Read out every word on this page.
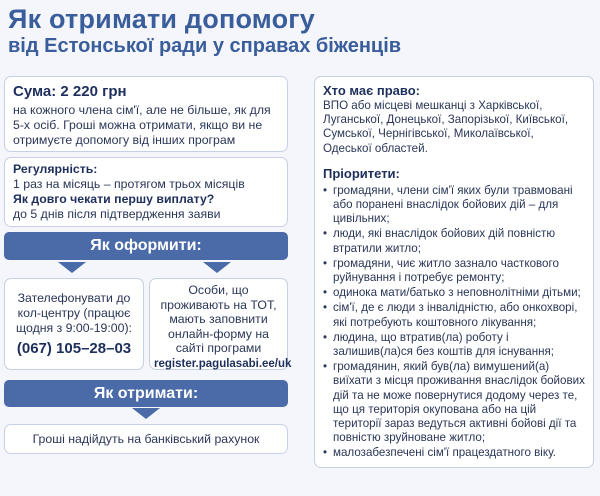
Як отримати допомогу
від Естонської ради у справах біженців
Сума: 2 220 грн
на кожного члена сім'ї, але не більше, як для 5-х осіб. Гроші можна отримати, якщо ви не отримуєте допомогу від інших програм
Регулярність:
1 раз на місяць – протягом трьох місяців
Як довго чекати першу виплату?
до 5 днів після підтвердження заяви
Як оформити:
Зателефонувати до кол-центру (працює щодня з 9:00-19:00):
(067) 105–28–03
Особи, що проживають на ТОТ, мають заповнити онлайн-форму на сайті програми
register.pagulasabi.ee/uk
Як отримати:
Гроші надійдуть на банківський рахунок
Хто має право:
ВПО або місцеві мешканці з Харківської, Луганської, Донецької, Запорізької, Київської, Сумської, Чернігівської, Миколаївської, Одеської областей.
Пріоритети:
• громадяни, члени сім'ї яких були травмовані або поранені внаслідок бойових дій – для цивільних;
• люди, які внаслідок бойових дій повністю втратили житло;
• громадяни, чиє житло зазнало часткового руйнування і потребує ремонту;
• одинока мати/батько з неповнолітніми дітьми;
• сім'ї, де є люди з інвалідністю, або онкохворі, які потребують коштовного лікування;
• людина, що втратив(ла) роботу і залишив(ла)ся без коштів для існування;
• громадянин, який був(ла) вимушений(а) виїхати з місця проживання внаслідок бойових дій та не може повернутися додому через те, що ця територія окупована або на цій території зараз ведуться активні бойові дії та повністю зруйноване житло;
• малозабезпечені сім'ї працездатного віку.
